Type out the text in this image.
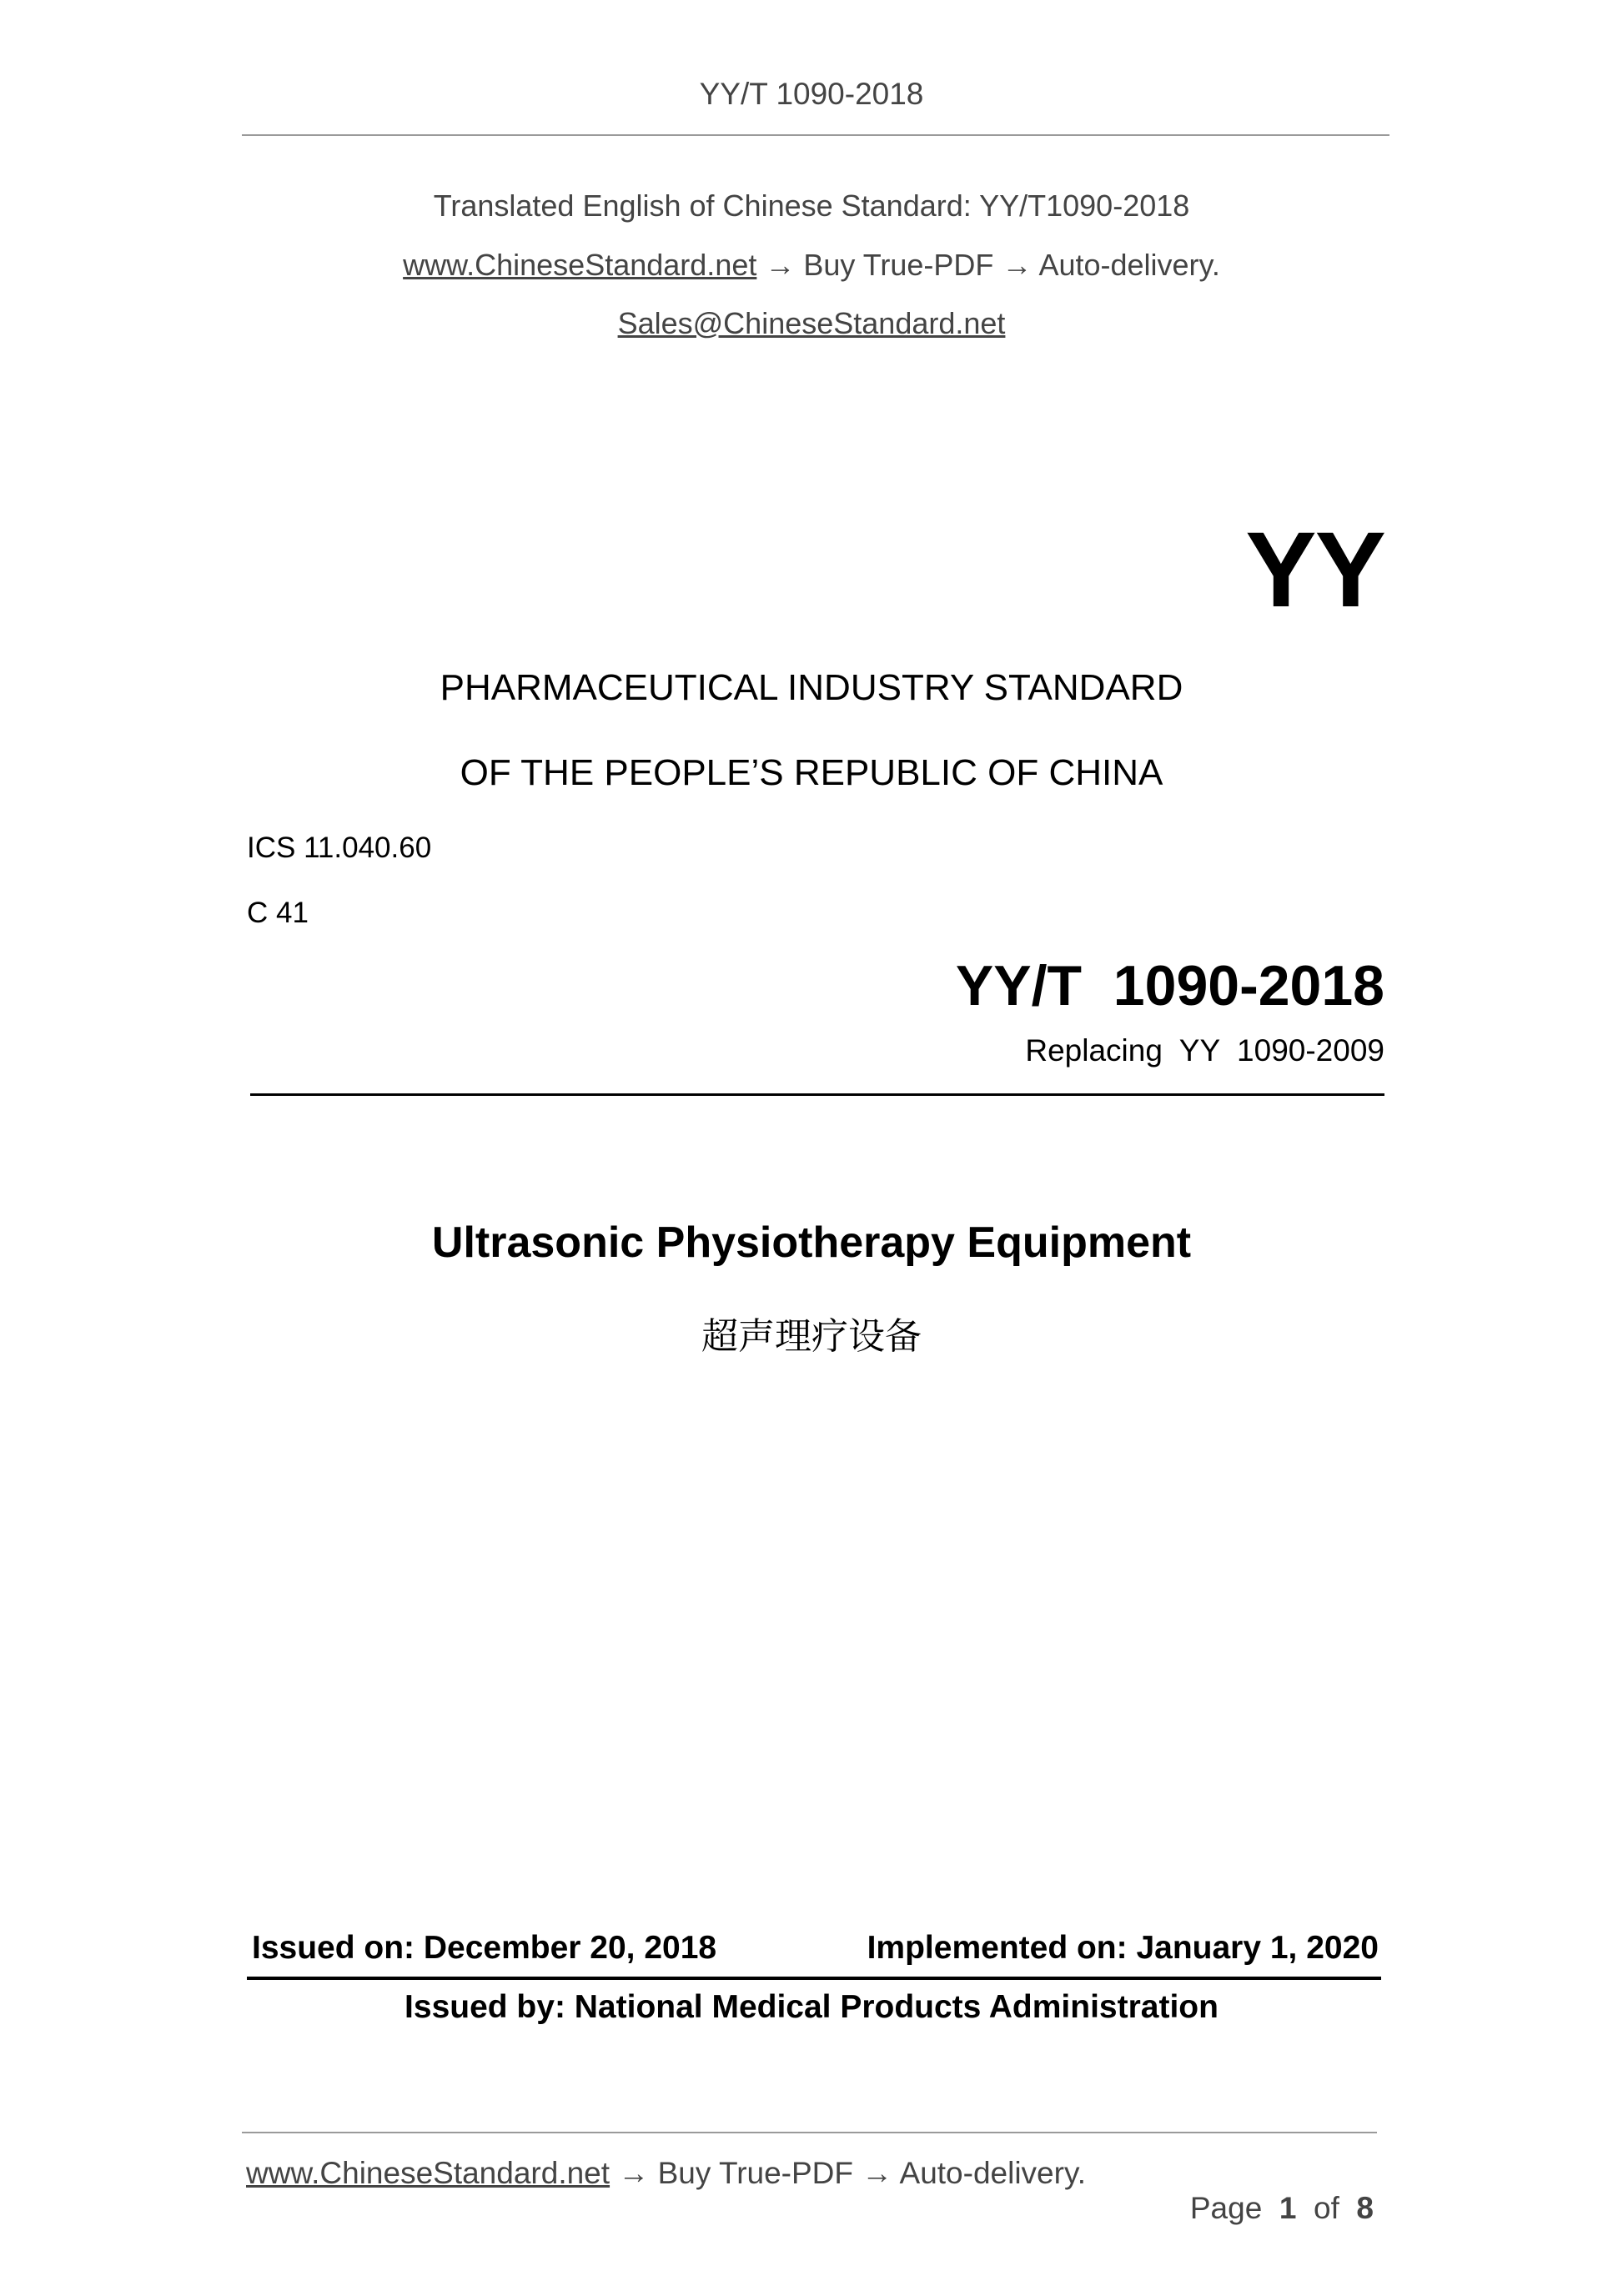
YY/T 1090-2018
Translated English of Chinese Standard: YY/T1090-2018
www.ChineseStandard.net → Buy True-PDF → Auto-delivery.
Sales@ChineseStandard.net
YY
PHARMACEUTICAL INDUSTRY STANDARD
OF THE PEOPLE’S REPUBLIC OF CHINA
ICS 11.040.60
C 41
YY/T  1090-2018
Replacing  YY  1090-2009
Ultrasonic Physiotherapy Equipment
超声理疗设备
Issued on: December 20, 2018	Implemented on: January 1, 2020
Issued by: National Medical Products Administration
www.ChineseStandard.net → Buy True-PDF → Auto-delivery.

Page 1 of 8
